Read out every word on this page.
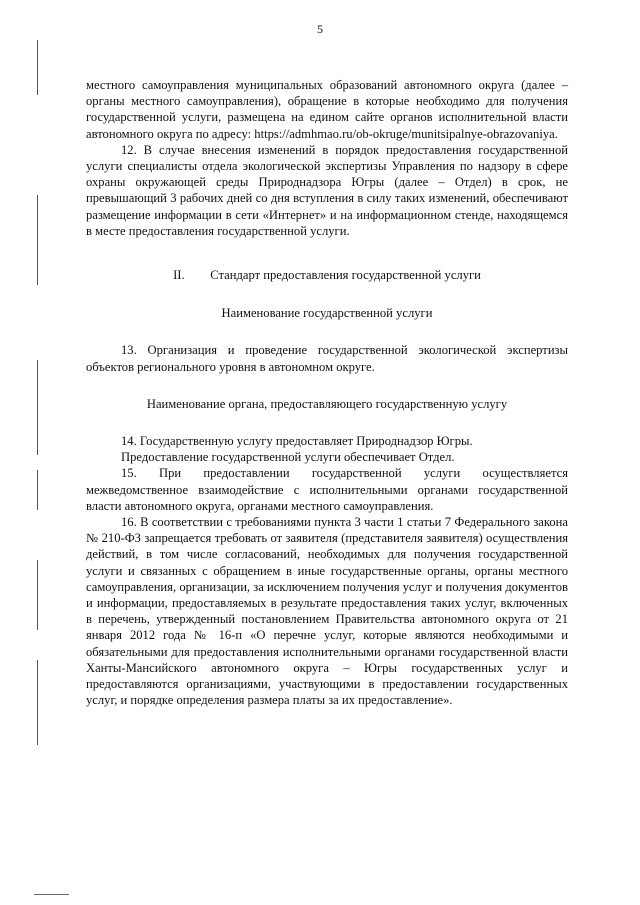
5

местного самоуправления муниципальных образований автономного округа (далее – органы местного самоуправления), обращение в которые необходимо для получения государственной услуги, размещена на едином сайте органов исполнительной власти автономного округа по адресу: https://admhmao.ru/ob-okruge/munitsipalnye-obrazovaniya.

12. В случае внесения изменений в порядок предоставления государственной услуги специалисты отдела экологической экспертизы Управления по надзору в сфере охраны окружающей среды Природнадзора Югры (далее – Отдел) в срок, не превышающий 3 рабочих дней со дня вступления в силу таких изменений, обеспечивают размещение информации в сети «Интернет» и на информационном стенде, находящемся в месте предоставления государственной услуги.

II. Стандарт предоставления государственной услуги

Наименование государственной услуги

13. Организация и проведение государственной экологической экспертизы объектов регионального уровня в автономном округе.

Наименование органа, предоставляющего государственную услугу

14. Государственную услугу предоставляет Природнадзор Югры.

Предоставление государственной услуги обеспечивает Отдел.

15. При предоставлении государственной услуги осуществляется межведомственное взаимодействие с исполнительными органами государственной власти автономного округа, органами местного самоуправления.

16. В соответствии с требованиями пункта 3 части 1 статьи 7 Федерального закона № 210-ФЗ запрещается требовать от заявителя (представителя заявителя) осуществления действий, в том числе согласований, необходимых для получения государственной услуги и связанных с обращением в иные государственные органы, органы местного самоуправления, организации, за исключением получения услуг и получения документов и информации, предоставляемых в результате предоставления таких услуг, включенных в перечень, утвержденный постановлением Правительства автономного округа от 21 января 2012 года № 16-п «О перечне услуг, которые являются необходимыми и обязательными для предоставления исполнительными органами государственной власти Ханты-Мансийского автономного округа – Югры государственных услуг и предоставляются организациями, участвующими в предоставлении государственных услуг, и порядке определения размера платы за их предоставление».
